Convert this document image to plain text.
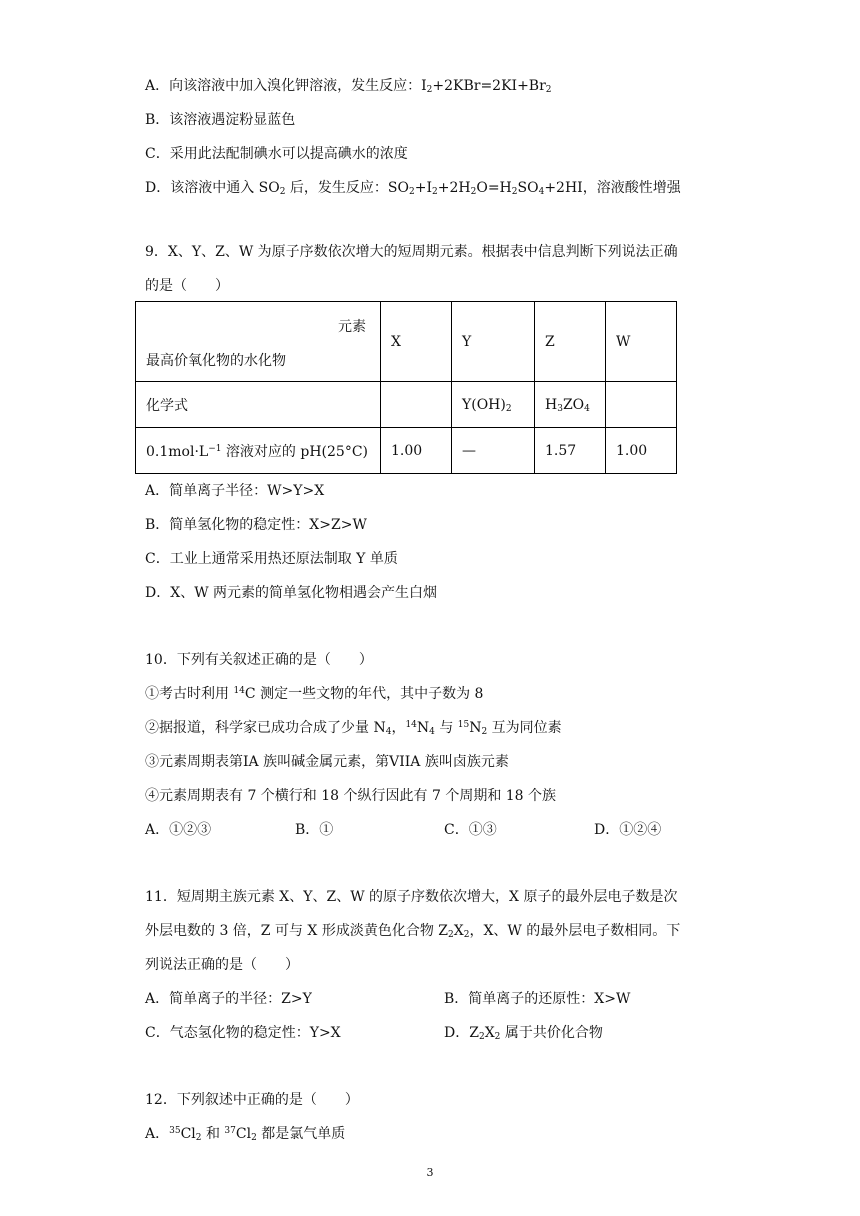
A．向该溶液中加入溴化钾溶液，发生反应：$I_2+2KBr=2KI+Br_2$
B．该溶液遇淀粉显蓝色
C．采用此法配制碘水可以提高碘水的浓度
D．该溶液中通入 $SO_2$ 后，发生反应：$SO_2+I_2+2H_2O=H_2SO_4+2HI$，溶液酸性增强
9．X、Y、Z、W 为原子序数依次增大的短周期元素。根据表中信息判断下列说法正确
的是（　　）
元素
最高价氧化物的水化物	X	Y	Z	W
化学式		$Y(OH)_2$	$H_3ZO_4$	
$0.1mol\cdot L^{-1}$ 溶液对应的 pH(25°C)	1.00	—	1.57	1.00
A．简单离子半径：W>Y>X
B．简单氢化物的稳定性：X>Z>W
C．工业上通常采用热还原法制取 Y 单质
D．X、W 两元素的简单氢化物相遇会产生白烟
10．下列有关叙述正确的是（　　）
①考古时利用 $^{14}$C 测定一些文物的年代，其中子数为 8
②据报道，科学家已成功合成了少量 $N_4$，$^{14}N_4$ 与 $^{15}N_2$ 互为同位素
③元素周期表第IA 族叫碱金属元素，第VIIA 族叫卤族元素
④元素周期表有 7 个横行和 18 个纵行因此有 7 个周期和 18 个族
A．①②③	B．①	C．①③	D．①②④
11．短周期主族元素 X、Y、Z、W 的原子序数依次增大，X 原子的最外层电子数是次
外层电数的 3 倍，Z 可与 X 形成淡黄色化合物 $Z_2X_2$，X、W 的最外层电子数相同。下
列说法正确的是（　　）
A．简单离子的半径：Z>Y	B．简单离子的还原性：X>W
C．气态氢化物的稳定性：Y>X	D．$Z_2X_2$ 属于共价化合物
12．下列叙述中正确的是（　　）
A．$^{35}Cl_2$ 和 $^{37}Cl_2$ 都是氯气单质
3
